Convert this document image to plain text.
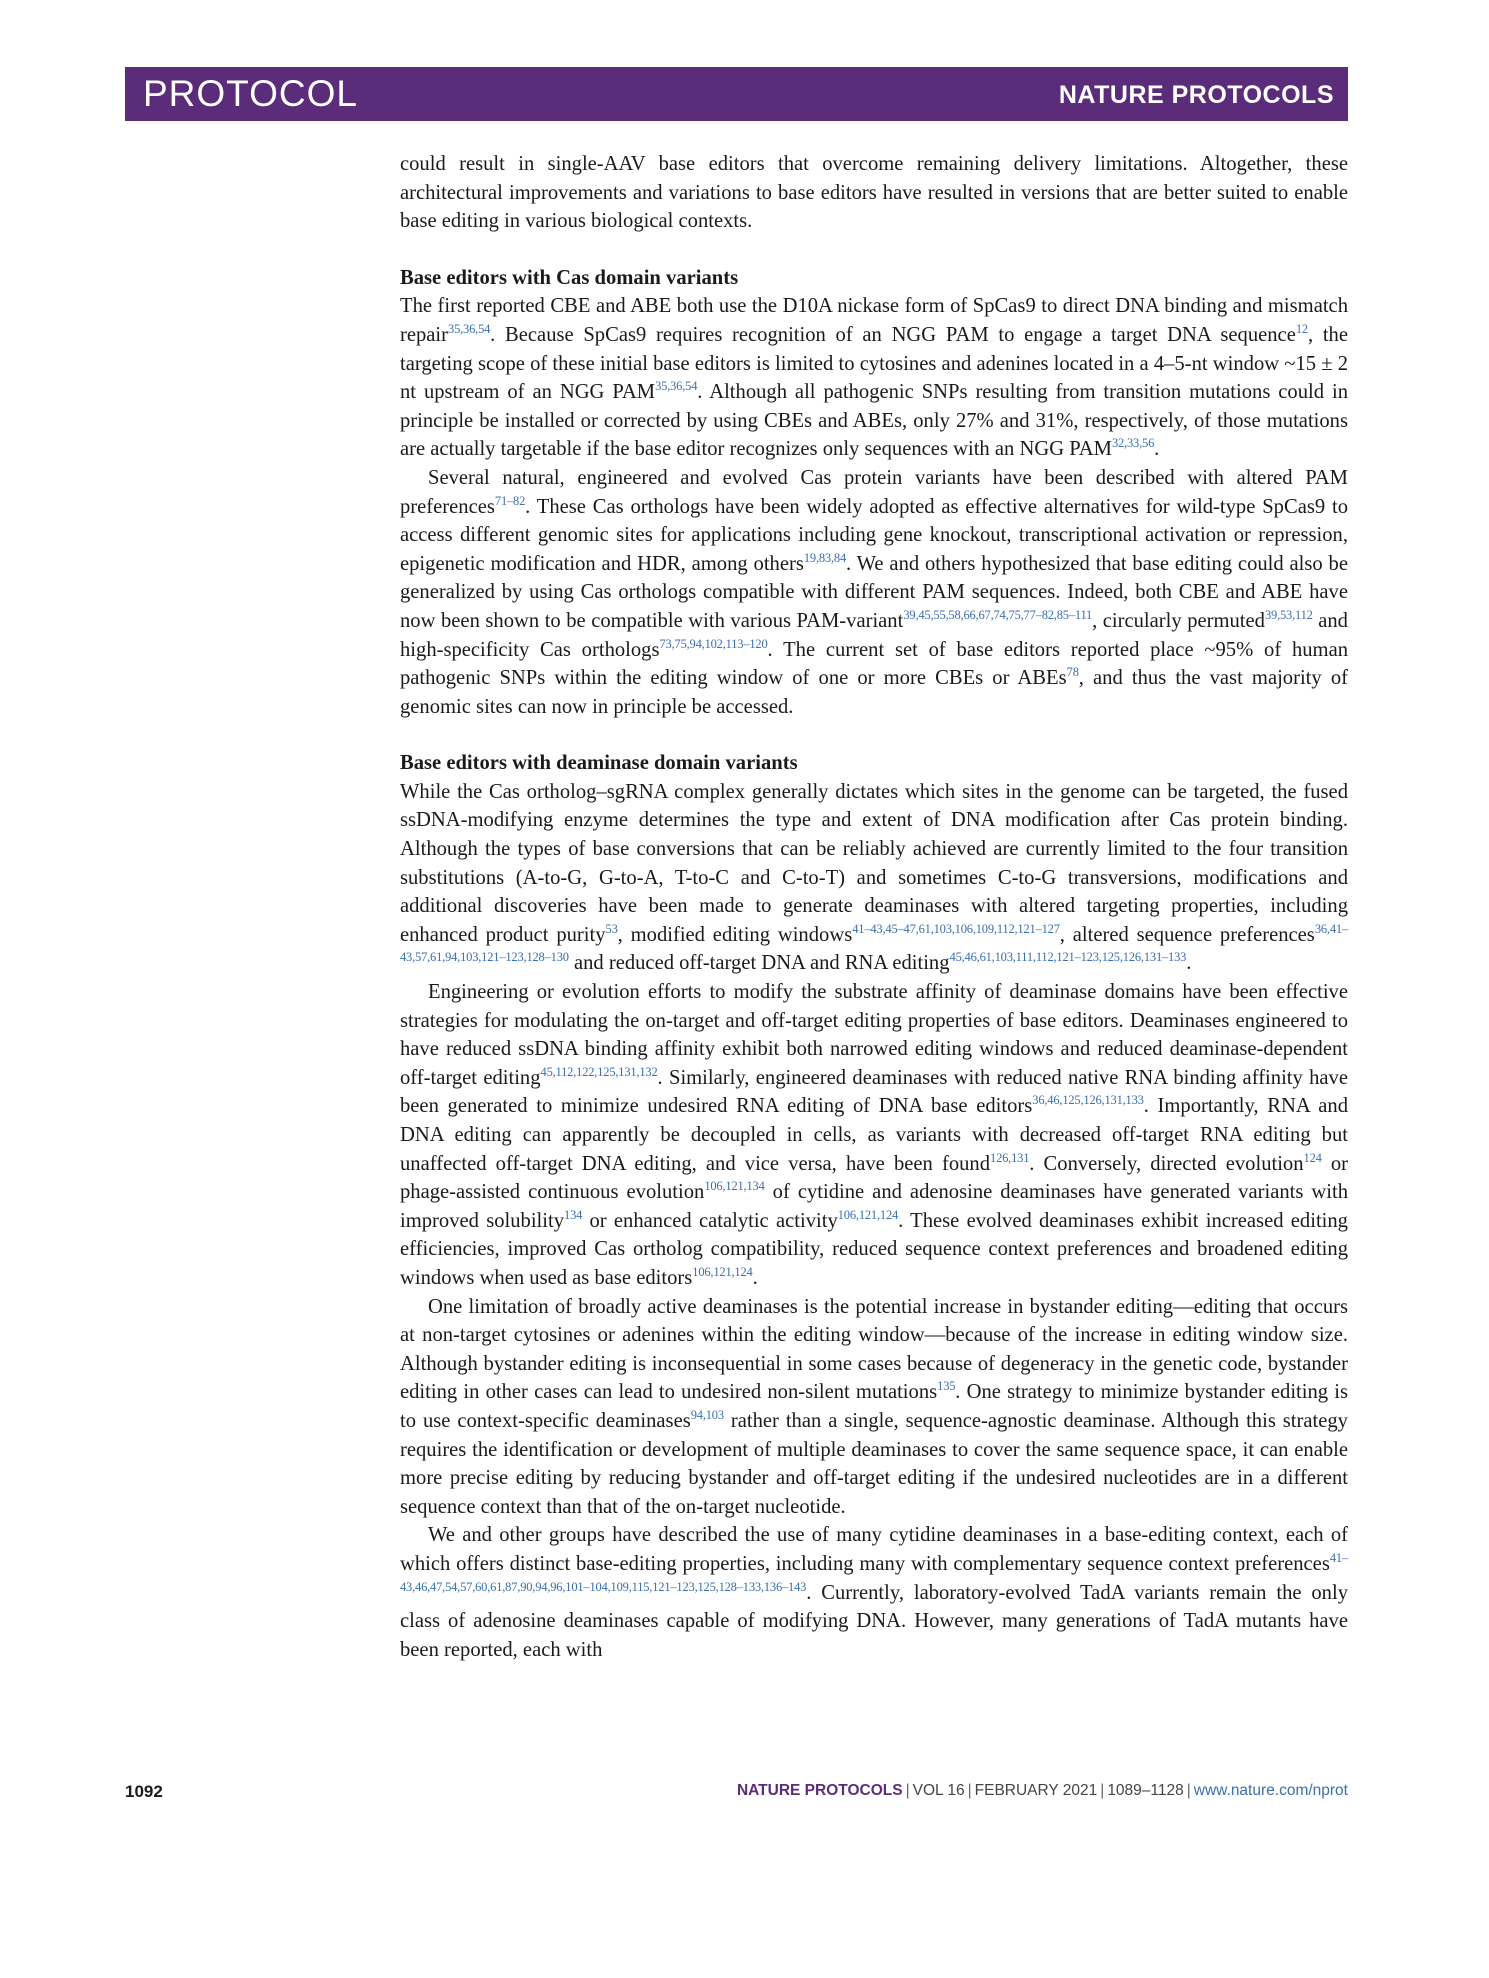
PROTOCOL	NATURE PROTOCOLS

could result in single-AAV base editors that overcome remaining delivery limitations. Altogether, these architectural improvements and variations to base editors have resulted in versions that are better suited to enable base editing in various biological contexts.

Base editors with Cas domain variants

The first reported CBE and ABE both use the D10A nickase form of SpCas9 to direct DNA binding and mismatch repair$^{35,36,54}$. Because SpCas9 requires recognition of an NGG PAM to engage a target DNA sequence$^{12}$, the targeting scope of these initial base editors is limited to cytosines and adenines located in a 4–5-nt window ~15 ± 2 nt upstream of an NGG PAM$^{35,36,54}$. Although all pathogenic SNPs resulting from transition mutations could in principle be installed or corrected by using CBEs and ABEs, only 27% and 31%, respectively, of those mutations are actually targetable if the base editor recognizes only sequences with an NGG PAM$^{32,33,56}$.

Several natural, engineered and evolved Cas protein variants have been described with altered PAM preferences$^{71-82}$. These Cas orthologs have been widely adopted as effective alternatives for wild-type SpCas9 to access different genomic sites for applications including gene knockout, transcriptional activation or repression, epigenetic modification and HDR, among others$^{19,83,84}$. We and others hypothesized that base editing could also be generalized by using Cas orthologs compatible with different PAM sequences. Indeed, both CBE and ABE have now been shown to be compatible with various PAM-variant$^{39,45,55,58,66,67,74,75,77-82,85-111}$, circularly permuted$^{39,53,112}$ and high-specificity Cas orthologs$^{73,75,94,102,113-120}$. The current set of base editors reported place ~95% of human pathogenic SNPs within the editing window of one or more CBEs or ABEs$^{78}$, and thus the vast majority of genomic sites can now in principle be accessed.

Base editors with deaminase domain variants

While the Cas ortholog–sgRNA complex generally dictates which sites in the genome can be targeted, the fused ssDNA-modifying enzyme determines the type and extent of DNA modification after Cas protein binding. Although the types of base conversions that can be reliably achieved are currently limited to the four transition substitutions (A-to-G, G-to-A, T-to-C and C-to-T) and sometimes C-to-G transversions, modifications and additional discoveries have been made to generate deaminases with altered targeting properties, including enhanced product purity$^{53}$, modified editing windows$^{41-43,45-47,61,103,106,109,112,121-127}$, altered sequence preferences$^{36,41-43,57,61,94,103,121-123,128-130}$ and reduced off-target DNA and RNA editing$^{45,46,61,103,111,112,121-123,125,126,131-133}$.

Engineering or evolution efforts to modify the substrate affinity of deaminase domains have been effective strategies for modulating the on-target and off-target editing properties of base editors. Deaminases engineered to have reduced ssDNA binding affinity exhibit both narrowed editing windows and reduced deaminase-dependent off-target editing$^{45,112,122,125,131,132}$. Similarly, engineered deaminases with reduced native RNA binding affinity have been generated to minimize undesired RNA editing of DNA base editors$^{36,46,125,126,131,133}$. Importantly, RNA and DNA editing can apparently be decoupled in cells, as variants with decreased off-target RNA editing but unaffected off-target DNA editing, and vice versa, have been found$^{126,131}$. Conversely, directed evolution$^{124}$ or phage-assisted continuous evolution$^{106,121,134}$ of cytidine and adenosine deaminases have generated variants with improved solubility$^{134}$ or enhanced catalytic activity$^{106,121,124}$. These evolved deaminases exhibit increased editing efficiencies, improved Cas ortholog compatibility, reduced sequence context preferences and broadened editing windows when used as base editors$^{106,121,124}$.

One limitation of broadly active deaminases is the potential increase in bystander editing—editing that occurs at non-target cytosines or adenines within the editing window—because of the increase in editing window size. Although bystander editing is inconsequential in some cases because of degeneracy in the genetic code, bystander editing in other cases can lead to undesired non-silent mutations$^{135}$. One strategy to minimize bystander editing is to use context-specific deaminases$^{94,103}$ rather than a single, sequence-agnostic deaminase. Although this strategy requires the identification or development of multiple deaminases to cover the same sequence space, it can enable more precise editing by reducing bystander and off-target editing if the undesired nucleotides are in a different sequence context than that of the on-target nucleotide.

We and other groups have described the use of many cytidine deaminases in a base-editing context, each of which offers distinct base-editing properties, including many with complementary sequence context preferences$^{41-43,46,47,54,57,60,61,87,90,94,96,101-104,109,115,121-123,125,128-133,136-143}$. Currently, laboratory-evolved TadA variants remain the only class of adenosine deaminases capable of modifying DNA. However, many generations of TadA mutants have been reported, each with

1092	NATURE PROTOCOLS | VOL 16 | FEBRUARY 2021 | 1089–1128 | www.nature.com/nprot
